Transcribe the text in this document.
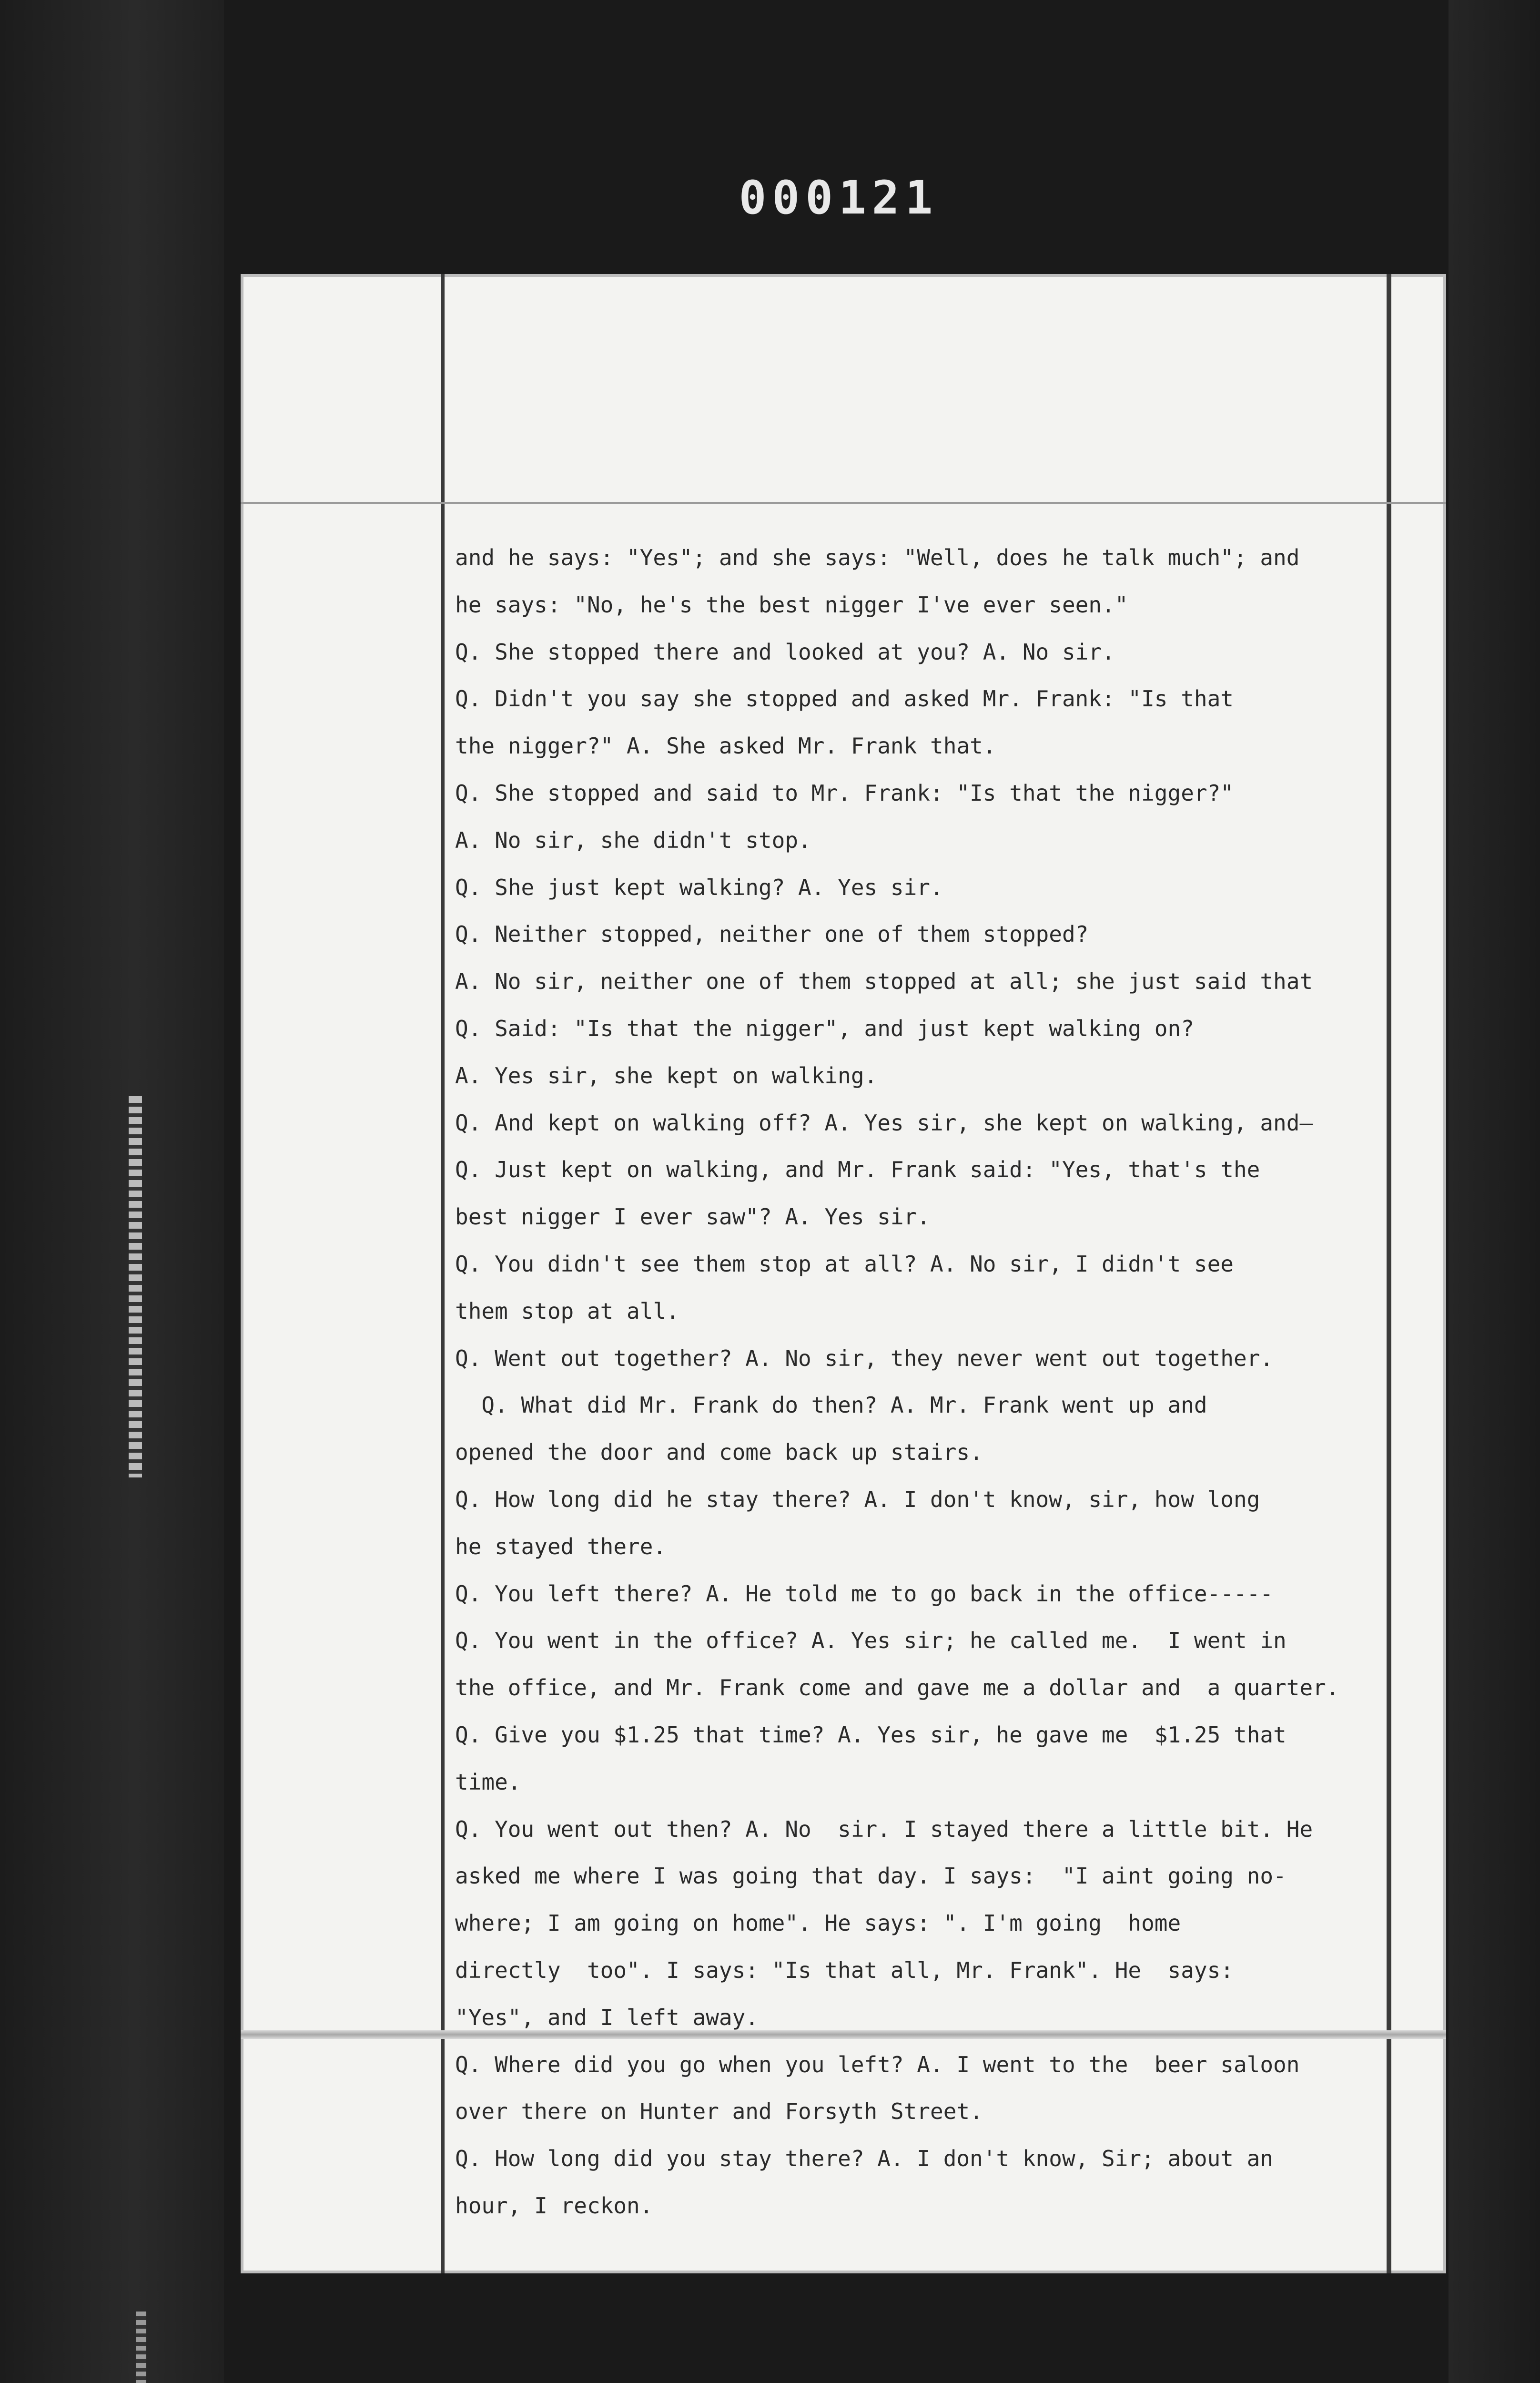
000121
and he says: "Yes"; and she says: "Well, does he talk much"; and
he says: "No, he's the best nigger I've ever seen."
Q. She stopped there and looked at you? A. No sir.
Q. Didn't you say she stopped and asked Mr. Frank: "Is that
the nigger?" A. She asked Mr. Frank that.
Q. She stopped and said to Mr. Frank: "Is that the nigger?"
A. No sir, she didn't stop.
Q. She just kept walking? A. Yes sir.
Q. Neither stopped, neither one of them stopped?
A. No sir, neither one of them stopped at all; she just said that
Q. Said: "Is that the nigger", and just kept walking on?
A. Yes sir, she kept on walking.
Q. And kept on walking off? A. Yes sir, she kept on walking, and—
Q. Just kept on walking, and Mr. Frank said: "Yes, that's the
best nigger I ever saw"? A. Yes sir.
Q. You didn't see them stop at all? A. No sir, I didn't see
them stop at all.
Q. Went out together? A. No sir, they never went out together.
Q. What did Mr. Frank do then? A. Mr. Frank went up and
opened the door and come back up stairs.
Q. How long did he stay there? A. I don't know, sir, how long
he stayed there.
Q. You left there? A. He told me to go back in the office-----
Q. You went in the office? A. Yes sir; he called me.  I went in
the office, and Mr. Frank come and gave me a dollar and  a quarter.
Q. Give you $1.25 that time? A. Yes sir, he gave me  $1.25 that
time.
Q. You went out then? A. No  sir. I stayed there a little bit. He
asked me where I was going that day. I says:  "I aint going no-
where; I am going on home". He says: ". I'm going  home
directly  too". I says: "Is that all, Mr. Frank". He  says:
"Yes", and I left away.
Q. Where did you go when you left? A. I went to the  beer saloon
over there on Hunter and Forsyth Street.
Q. How long did you stay there? A. I don't know, Sir; about an
hour, I reckon.
